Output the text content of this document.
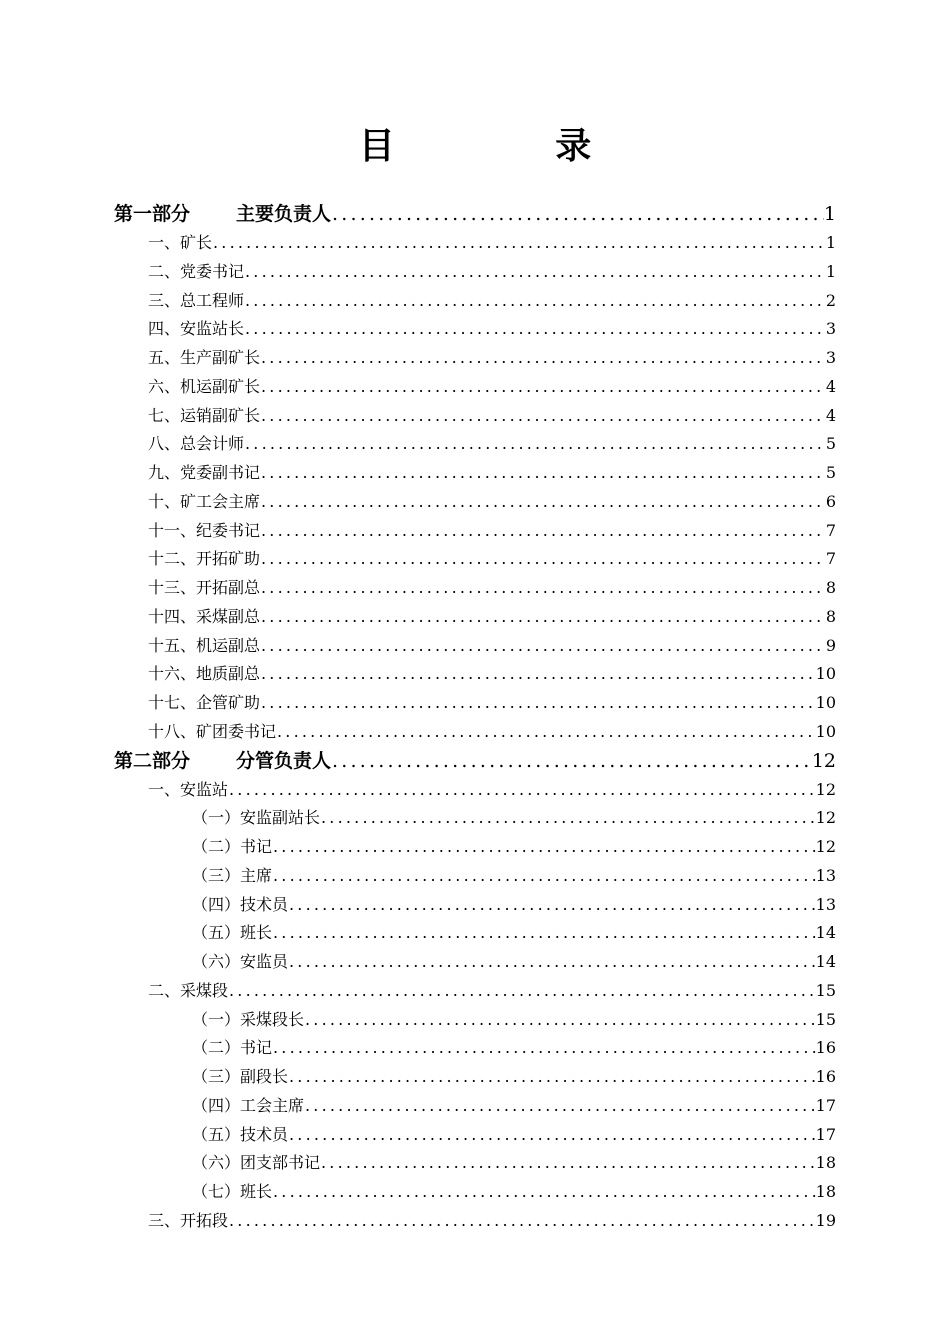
目 录
第一部分 主要负责人 .....	1
一、矿长 .....	1
二、党委书记 .....	1
三、总工程师 .....	2
四、安监站长 .....	3
五、生产副矿长 .....	3
六、机运副矿长 .....	4
七、运销副矿长 .....	4
八、总会计师 .....	5
九、党委副书记 .....	5
十、矿工会主席 .....	6
十一、纪委书记 .....	7
十二、开拓矿助 .....	7
十三、开拓副总 .....	8
十四、采煤副总 .....	8
十五、机运副总 .....	9
十六、地质副总 .....	10
十七、企管矿助 .....	10
十八、矿团委书记 .....	10
第二部分 分管负责人 .....	12
一、安监站 .....	12
（一）安监副站长 .....	12
（二）书记 .....	12
（三）主席 .....	13
（四）技术员 .....	13
（五）班长 .....	14
（六）安监员 .....	14
二、采煤段 .....	15
（一）采煤段长 .....	15
（二）书记 .....	16
（三）副段长 .....	16
（四）工会主席 .....	17
（五）技术员 .....	17
（六）团支部书记 .....	18
（七）班长 .....	18
三、开拓段 .....	19
